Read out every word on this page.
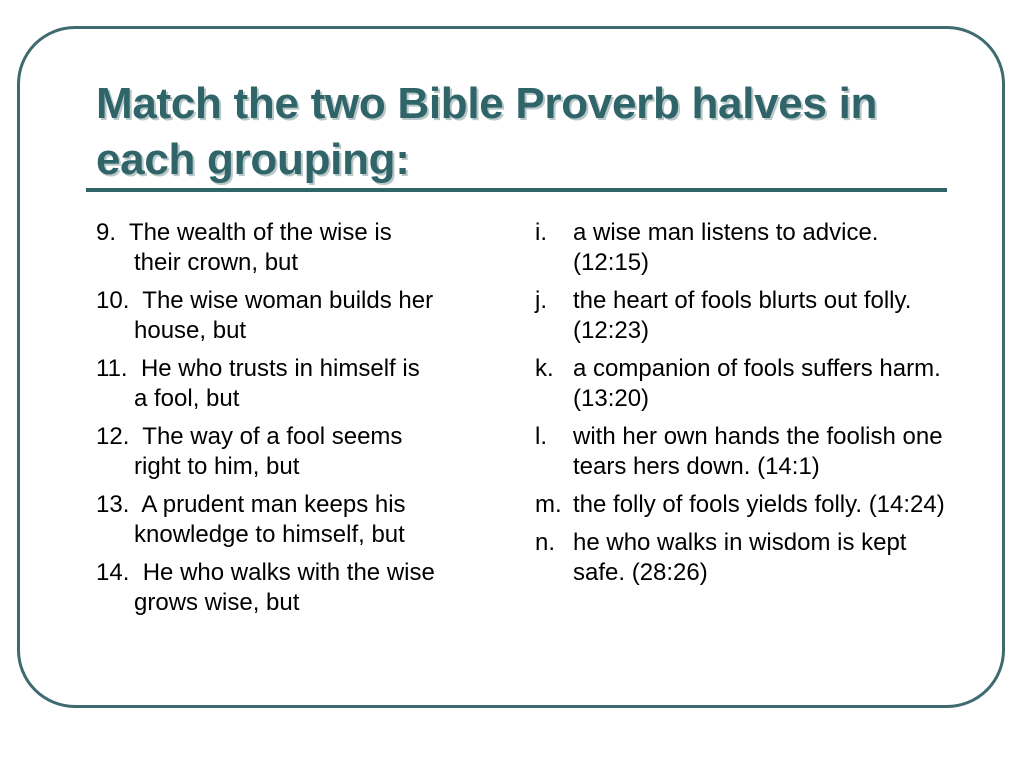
Match the two Bible Proverb halves in each grouping:
9. The wealth of the wise is
their crown, but
10. The wise woman builds her
house, but
11. He who trusts in himself is
a fool, but
12. The way of a fool seems
right to him, but
13. A prudent man keeps his
knowledge to himself, but
14. He who walks with the wise
grows wise, but
i. a wise man listens to advice. (12:15)
j. the heart of fools blurts out folly. (12:23)
k. a companion of fools suffers harm. (13:20)
l. with her own hands the foolish one tears hers down. (14:1)
m. the folly of fools yields folly. (14:24)
n. he who walks in wisdom is kept safe. (28:26)
